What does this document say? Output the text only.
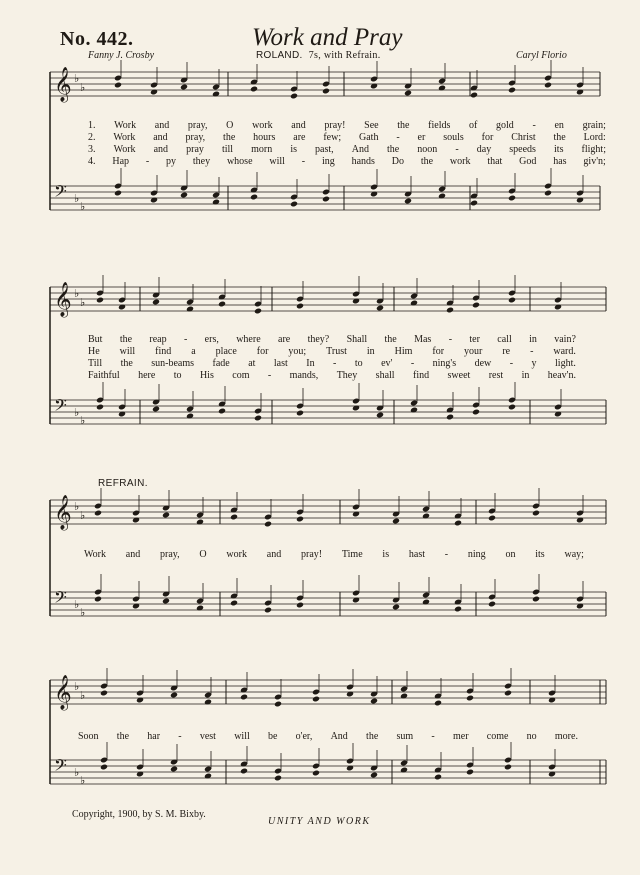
No. 442.	Work and Pray
Fanny J. Crosby	ROLAND. 7s, with Refrain.	Caryl Florio
𝄞 ♭
♭
𝄢 ♭
♭
𝄞 ♭
♭
𝄢 ♭
♭
𝄞 ♭
♭
𝄢 ♭
♭
𝄞 ♭
♭
𝄢 ♭
♭
1. Work and pray, O work and pray! See the fields of gold - en grain;
2. Work and pray, the hours are few; Gath - er souls for Christ the Lord:
3. Work and pray till morn is past, And the noon - day speeds its flight;
4. Hap - py they whose will - ing hands Do the work that God has giv'n;
But the reap - ers, where are they? Shall the Mas - ter call in vain?
He will find a place for you; Trust in Him for your re - ward.
Till the sun-beams fade at last In - to ev' - ning's dew - y light.
Faithful here to His com - mands, They shall find sweet rest in heav'n.
REFRAIN.
Work and pray, O work and pray! Time is hast - ning on its way;
Soon the har - vest will be o'er, And the sum - mer come no more.
Copyright, 1900, by S. M. Bixby.
UNITY AND WORK
